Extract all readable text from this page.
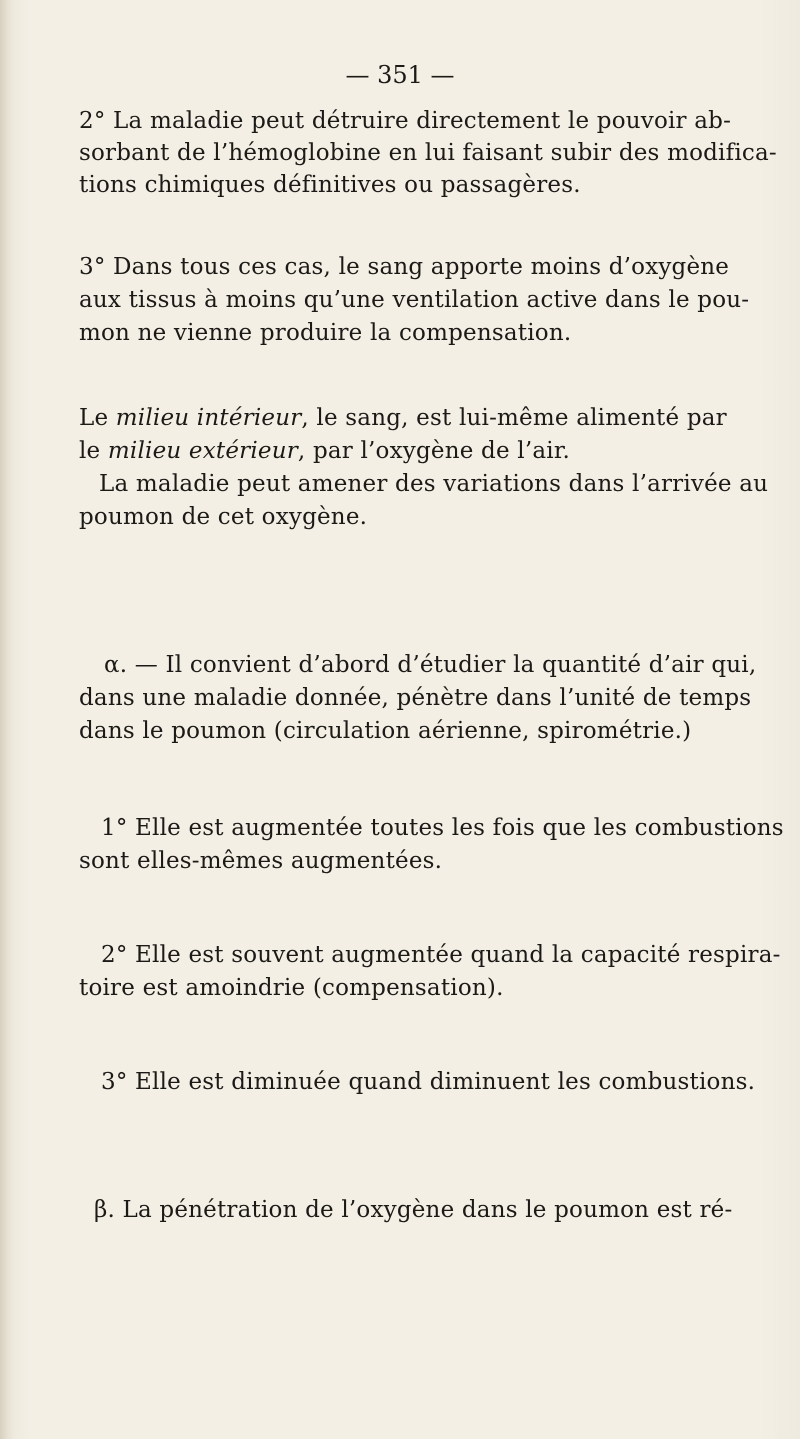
— 351 —
2° La maladie peut détruire directement le pouvoir ab-
sorbant de l’hémoglobine en lui faisant subir des modifica-
tions chimiques définitives ou passagères.
3° Dans tous ces cas, le sang apporte moins d’oxygène
aux tissus à moins qu’une ventilation active dans le pou-
mon ne vienne produire la compensation.
Le milieu intérieur, le sang, est lui-même alimenté par
le milieu extérieur, par l’oxygène de l’air.
La maladie peut amener des variations dans l’arrivée au
poumon de cet oxygène.
α. — Il convient d’abord d’étudier la quantité d’air qui,
dans une maladie donnée, pénètre dans l’unité de temps
dans le poumon (circulation aérienne, spirométrie.)
1° Elle est augmentée toutes les fois que les combustions
sont elles-mêmes augmentées.
2° Elle est souvent augmentée quand la capacité respira-
toire est amoindrie (compensation).
3° Elle est diminuée quand diminuent les combustions.
β. La pénétration de l’oxygène dans le poumon est ré-
